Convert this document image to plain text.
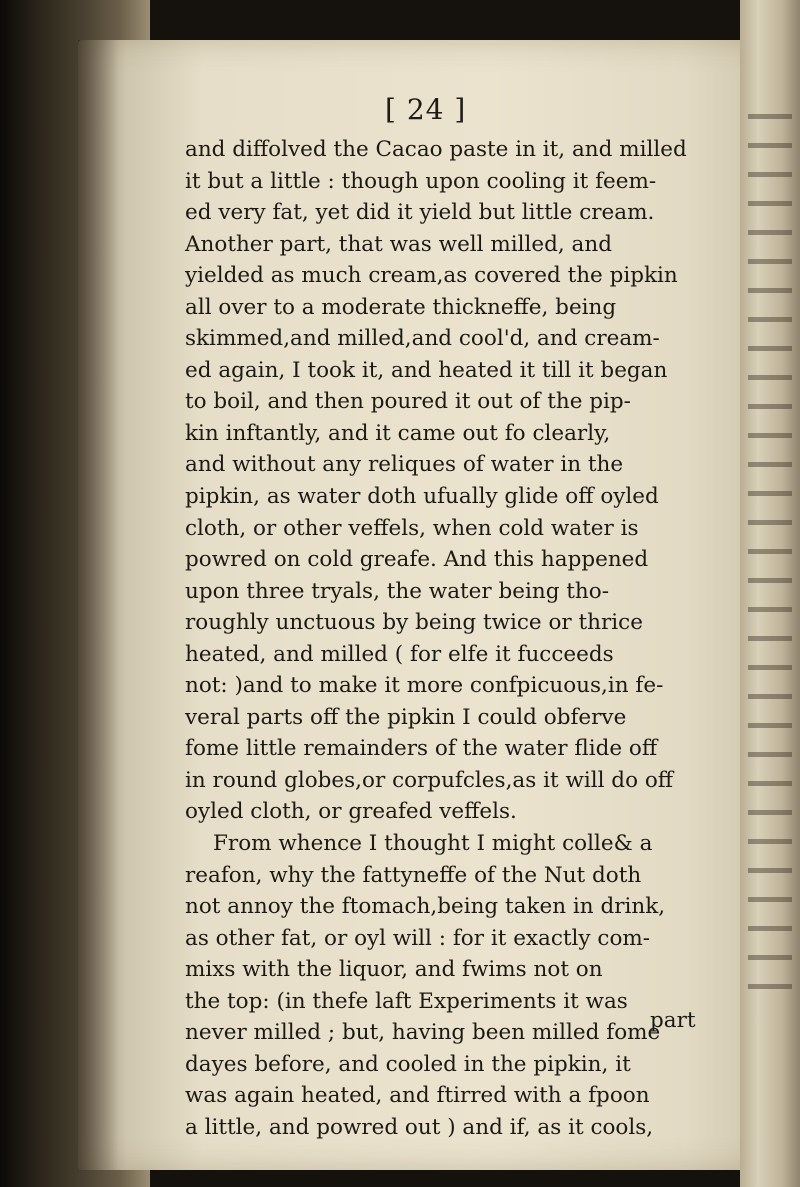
[ 24 ]
and diffolved the Cacao paste in it, and milled
it but a little : though upon cooling it feem-
ed very fat, yet did it yield but little cream.
Another part, that was well milled, and
yielded as much cream,as covered the pipkin
all over to a moderate thickneffe, being
skimmed,and milled,and cool'd, and cream-
ed again, I took it, and heated it till it began
to boil, and then poured it out of the pip-
kin inftantly, and it came out fo clearly,
and without any reliques of water in the
pipkin, as water doth ufually glide off oyled
cloth, or other veffels, when cold water is
powred on cold greafe. And this happened
upon three tryals, the water being tho-
roughly unctuous by being twice or thrice
heated, and milled ( for elfe it fucceeds
not: )and to make it more confpicuous,in fe-
veral parts off the pipkin I could obferve
fome little remainders of the water flide off
in round globes,or corpufcles,as it will do off
oyled cloth, or greafed veffels.
From whence I thought I might colle& a
reafon, why the fattyneffe of the Nut doth
not annoy the ftomach,being taken in drink,
as other fat, or oyl will : for it exactly com-
mixs with the liquor, and fwims not on
the top: (in thefe laft Experiments it was
never milled ; but, having been milled fome
dayes before, and cooled in the pipkin, it
was again heated, and ftirred with a fpoon
a little, and powred out ) and if, as it cools,
part
